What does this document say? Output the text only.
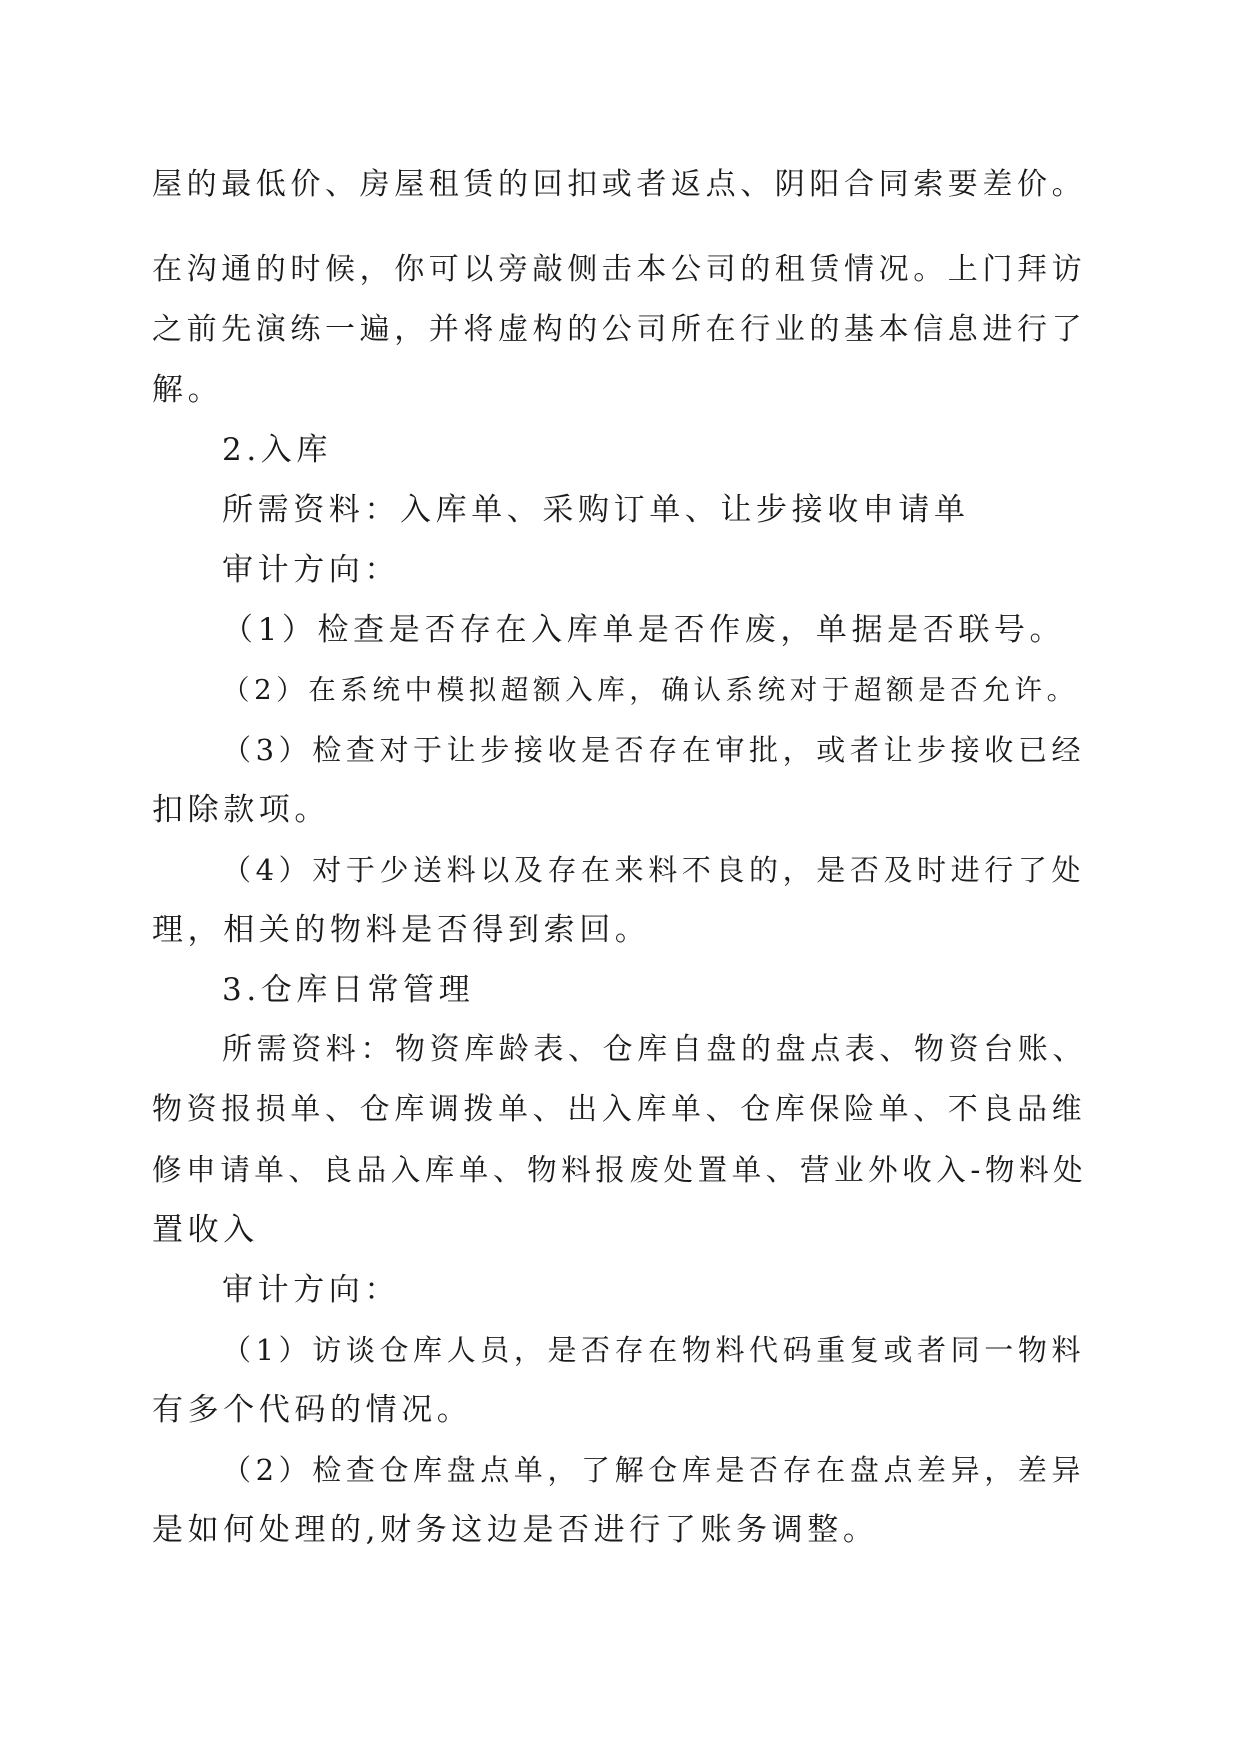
屋的最低价、房屋租赁的回扣或者返点、阴阳合同索要差价。

在沟通的时候，你可以旁敲侧击本公司的租赁情况。上门拜访

之前先演练一遍，并将虚构的公司所在行业的基本信息进行了

解。

2.入库

所需资料：入库单、采购订单、让步接收申请单

审计方向：

（1）检查是否存在入库单是否作废，单据是否联号。

（2）在系统中模拟超额入库，确认系统对于超额是否允许。

（3）检查对于让步接收是否存在审批，或者让步接收已经

扣除款项。

（4）对于少送料以及存在来料不良的，是否及时进行了处

理，相关的物料是否得到索回。

3.仓库日常管理

所需资料：物资库龄表、仓库自盘的盘点表、物资台账、

物资报损单、仓库调拨单、出入库单、仓库保险单、不良品维

修申请单、良品入库单、物料报废处置单、营业外收入-物料处

置收入

审计方向：

（1）访谈仓库人员，是否存在物料代码重复或者同一物料

有多个代码的情况。

（2）检查仓库盘点单，了解仓库是否存在盘点差异，差异

是如何处理的,财务这边是否进行了账务调整。
